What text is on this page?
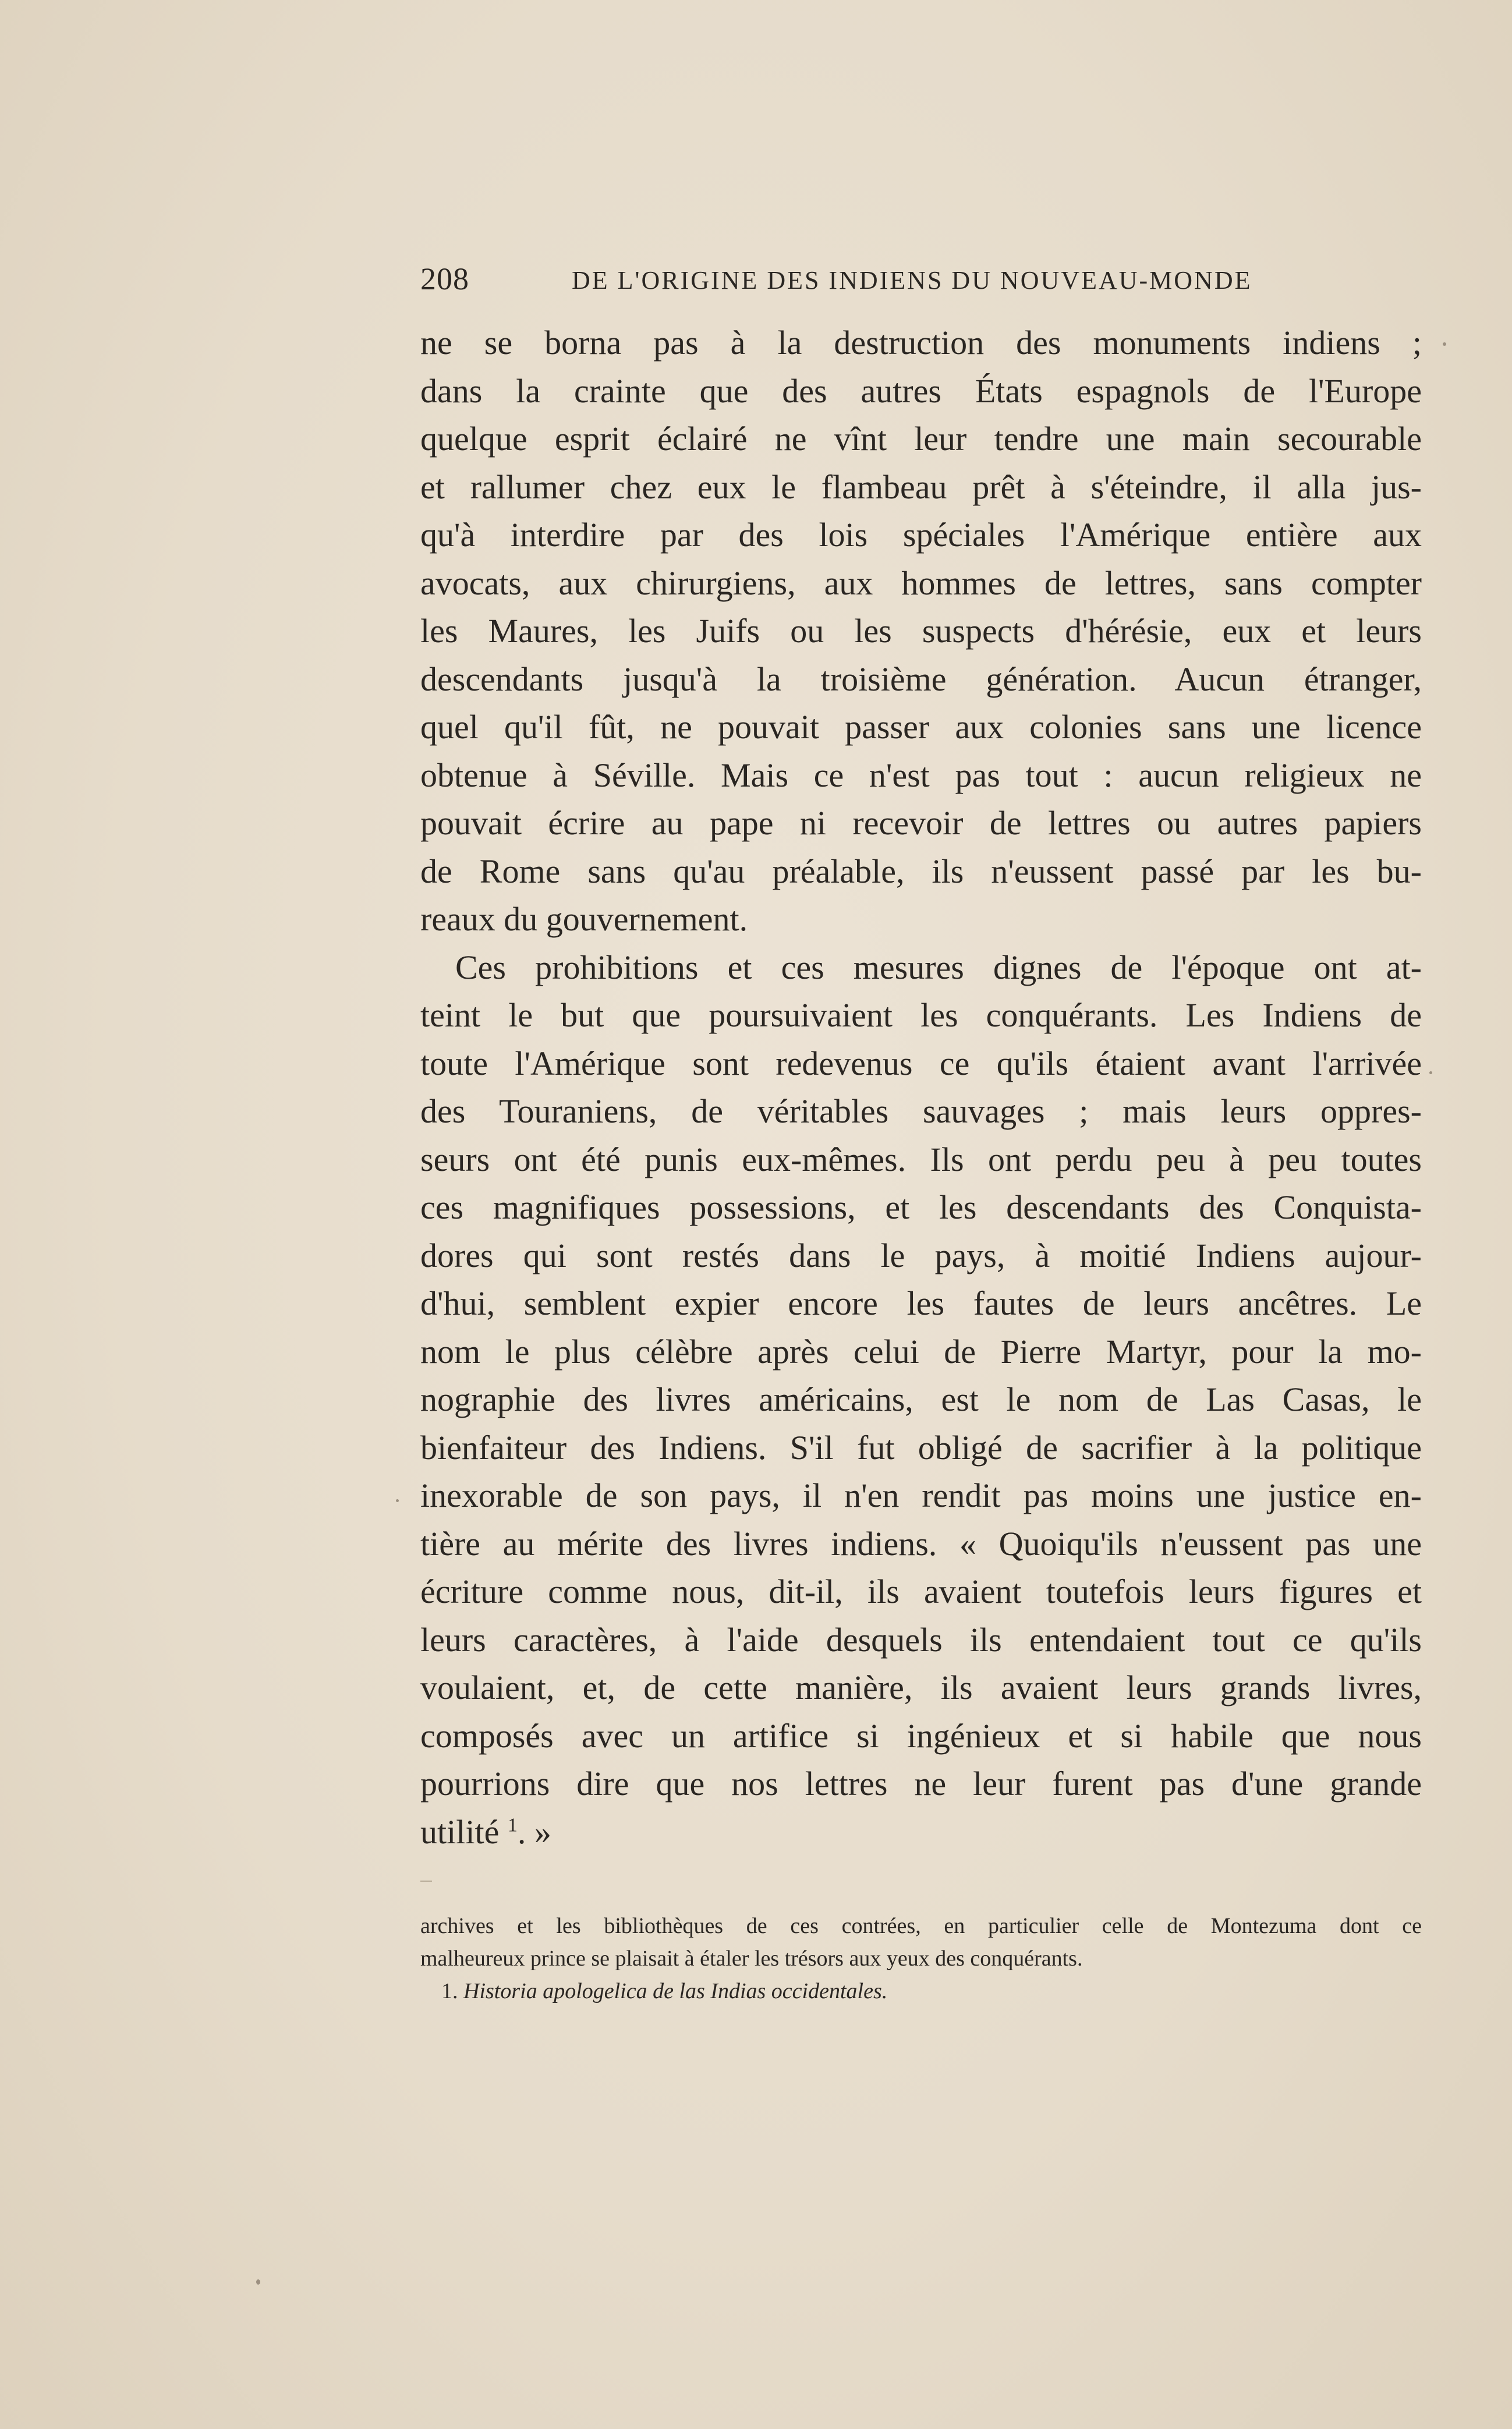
208	DE L'ORIGINE DES INDIENS DU NOUVEAU-MONDE
ne se borna pas à la destruction des monuments indiens ;
dans la crainte que des autres États espagnols de l'Europe
quelque esprit éclairé ne vînt leur tendre une main secourable
et rallumer chez eux le flambeau prêt à s'éteindre, il alla jus-
qu'à interdire par des lois spéciales l'Amérique entière aux
avocats, aux chirurgiens, aux hommes de lettres, sans compter
les Maures, les Juifs ou les suspects d'hérésie, eux et leurs
descendants jusqu'à la troisième génération. Aucun étranger,
quel qu'il fût, ne pouvait passer aux colonies sans une licence
obtenue à Séville. Mais ce n'est pas tout : aucun religieux ne
pouvait écrire au pape ni recevoir de lettres ou autres papiers
de Rome sans qu'au préalable, ils n'eussent passé par les bu-
reaux du gouvernement.
Ces prohibitions et ces mesures dignes de l'époque ont at-
teint le but que poursuivaient les conquérants. Les Indiens de
toute l'Amérique sont redevenus ce qu'ils étaient avant l'arrivée
des Touraniens, de véritables sauvages ; mais leurs oppres-
seurs ont été punis eux-mêmes. Ils ont perdu peu à peu toutes
ces magnifiques possessions, et les descendants des Conquista-
dores qui sont restés dans le pays, à moitié Indiens aujour-
d'hui, semblent expier encore les fautes de leurs ancêtres. Le
nom le plus célèbre après celui de Pierre Martyr, pour la mo-
nographie des livres américains, est le nom de Las Casas, le
bienfaiteur des Indiens. S'il fut obligé de sacrifier à la politique
inexorable de son pays, il n'en rendit pas moins une justice en-
tière au mérite des livres indiens. « Quoiqu'ils n'eussent pas une
écriture comme nous, dit-il, ils avaient toutefois leurs figures et
leurs caractères, à l'aide desquels ils entendaient tout ce qu'ils
voulaient, et, de cette manière, ils avaient leurs grands livres,
composés avec un artifice si ingénieux et si habile que nous
pourrions dire que nos lettres ne leur furent pas d'une grande
utilité $^1$. »
archives et les bibliothèques de ces contrées, en particulier celle de Montezuma dont ce
malheureux prince se plaisait à étaler les trésors aux yeux des conquérants.
1. Historia apologelica de las Indias occidentales.
